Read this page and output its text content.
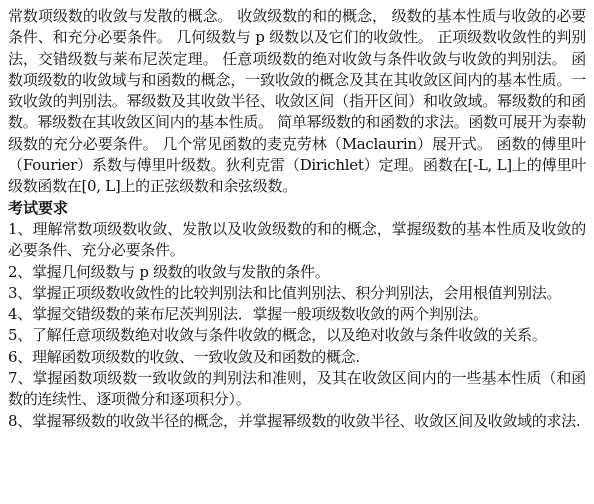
常数项级数的收敛与发散的概念。 收敛级数的和的概念， 级数的基本性质与收敛的必要条件、和充分必要条件。 几何级数与 p 级数以及它们的收敛性。 正项级数收敛性的判别法，交错级数与莱布尼茨定理。 任意项级数的绝对收敛与条件收敛与收敛的判别法。 函数项级数的收敛域与和函数的概念，一致收敛的概念及其在其收敛区间内的基本性质。一致收敛的判别法。幂级数及其收敛半径、收敛区间（指开区间）和收敛域。幂级数的和函数。幂级数在其收敛区间内的基本性质。 简单幂级数的和函数的求法。函数可展开为泰勒级数的充分必要条件。 几个常见函数的麦克劳林（Maclaurin）展开式。 函数的傅里叶（Fourier）系数与傅里叶级数。狄利克雷（Dirichlet）定理。函数在[-L, L]上的傅里叶级数函数在[0, L]上的正弦级数和余弦级数。

考试要求
1、理解常数项级数收敛、发散以及收敛级数的和的概念，掌握级数的基本性质及收敛的必要条件、充分必要条件。
2、掌握几何级数与 p 级数的收敛与发散的条件。
3、掌握正项级数收敛性的比较判别法和比值判别法、积分判别法，会用根值判别法。
4、掌握交错级数的莱布尼茨判别法．掌握一般项级数收敛的两个判别法。
5、了解任意项级数绝对收敛与条件收敛的概念，以及绝对收敛与条件收敛的关系。
6、理解函数项级数的收敛、一致收敛及和函数的概念.
7、掌握函数项级数一致收敛的判别法和准则，及其在收敛区间内的一些基本性质（和函数的连续性、逐项微分和逐项积分）。
8、掌握幂级数的收敛半径的概念，并掌握幂级数的收敛半径、收敛区间及收敛域的求法.
